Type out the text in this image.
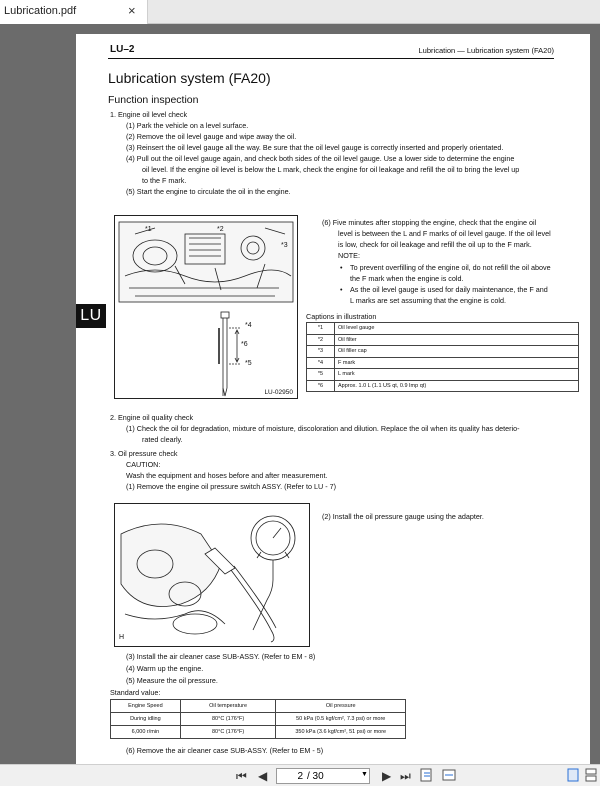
Lubrication.pdf	×
LU–2	Lubrication — Lubrication system (FA20)
Lubrication system (FA20)
Function inspection
1. Engine oil level check
(1) Park the vehicle on a level surface.
(2) Remove the oil level gauge and wipe away the oil.
(3) Reinsert the oil level gauge all the way. Be sure that the oil level gauge is correctly inserted and properly orientated.
(4) Pull out the oil level gauge again, and check both sides of the oil level gauge. Use a lower side to determine the engine
oil level. If the engine oil level is below the L mark, check the engine for oil leakage and refill the oil to bring the level up
to the F mark.
(5) Start the engine to circulate the oil in the engine.
*1	*2
*3
*4
*6
*5
LU-02950
(6) Five minutes after stopping the engine, check that the engine oil
level is between the L and F marks of oil level gauge. If the oil level
is low, check for oil leakage and refill the oil up to the F mark.
NOTE:
• To prevent overfilling of the engine oil, do not refill the oil above
the F mark when the engine is cold.
• As the oil level gauge is used for daily maintenance, the F and
L marks are set assuming that the engine is cold.
Captions in illustration
*1	Oil level gauge
*2	Oil filter
*3	Oil filler cap
*4	F mark
*5	L mark
*6	Approx. 1.0 L (1.1 US qt, 0.9 Imp qt)
2. Engine oil quality check
(1) Check the oil for degradation, mixture of moisture, discoloration and dilution. Replace the oil when its quality has deterio-
rated clearly.
3. Oil pressure check
CAUTION:
Wash the equipment and hoses before and after measurement.
(1) Remove the engine oil pressure switch ASSY. (Refer to LU - 7)
H
(2) Install the oil pressure gauge using the adapter.
(3) Install the air cleaner case SUB-ASSY. (Refer to EM - 8)
(4) Warm up the engine.
(5) Measure the oil pressure.
Standard value:
Engine Speed	Oil temperature	Oil pressure
During idling	80°C (176°F)	50 kPa (0.5 kgf/cm², 7.3 psi) or more
6,000 r/min	80°C (176°F)	350 kPa (3.6 kgf/cm², 51 psi) or more
(6) Remove the air cleaner case SUB-ASSY. (Refer to EM - 5)
LU
⏮ ◀
2	/ 30	▼ ▶ ⏭
